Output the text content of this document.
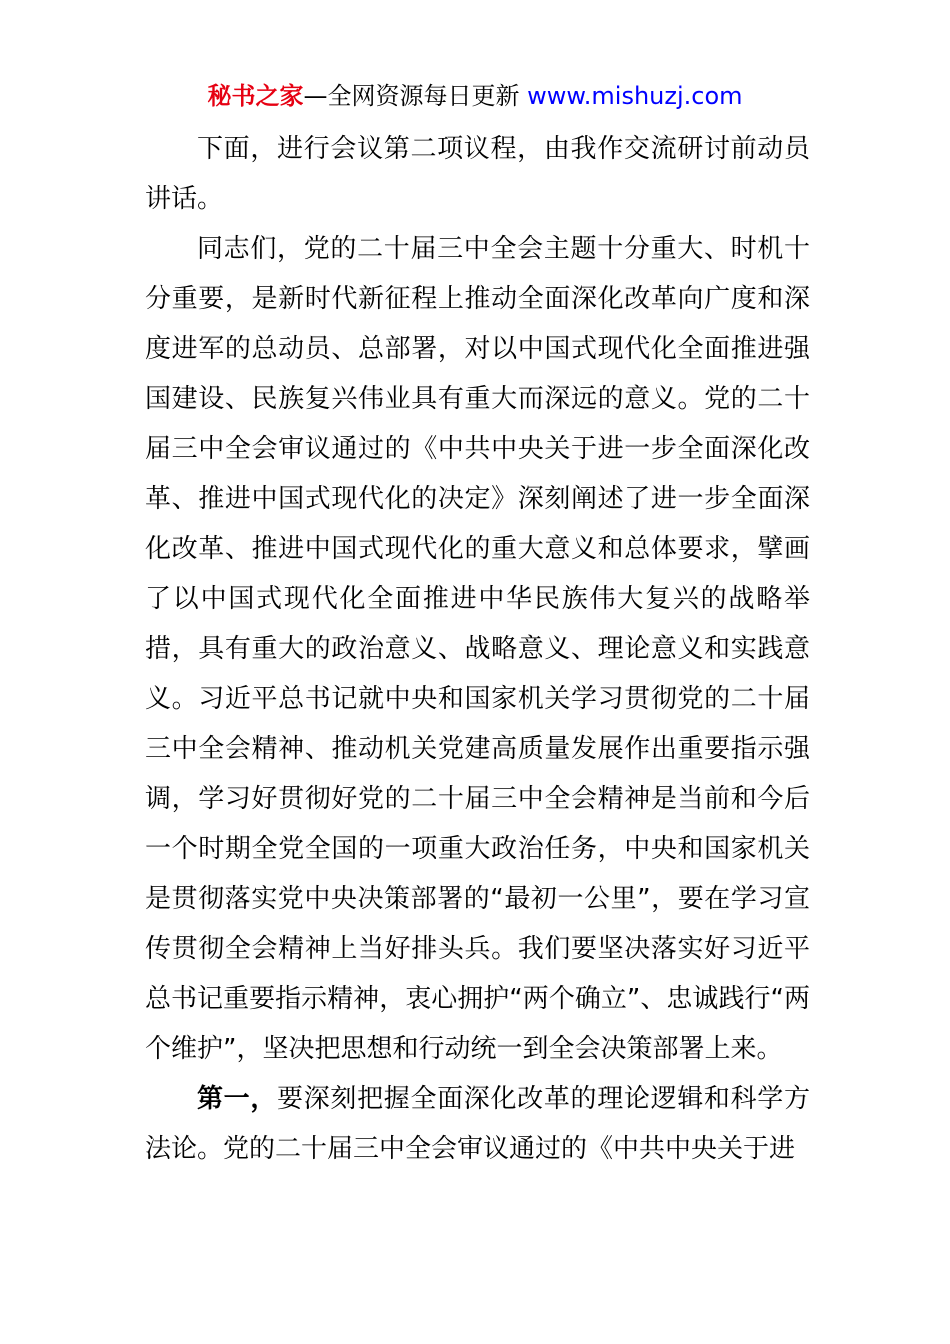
秘书之家—全网资源每日更新 www.mishuzj.com

下面，进行会议第二项议程，由我作交流研讨前动员讲话。

同志们，党的二十届三中全会主题十分重大、时机十分重要，是新时代新征程上推动全面深化改革向广度和深度进军的总动员、总部署，对以中国式现代化全面推进强国建设、民族复兴伟业具有重大而深远的意义。党的二十届三中全会审议通过的《中共中央关于进一步全面深化改革、推进中国式现代化的决定》深刻阐述了进一步全面深化改革、推进中国式现代化的重大意义和总体要求，擘画了以中国式现代化全面推进中华民族伟大复兴的战略举措，具有重大的政治意义、战略意义、理论意义和实践意义。习近平总书记就中央和国家机关学习贯彻党的二十届三中全会精神、推动机关党建高质量发展作出重要指示强调，学习好贯彻好党的二十届三中全会精神是当前和今后一个时期全党全国的一项重大政治任务，中央和国家机关是贯彻落实党中央决策部署的“最初一公里”，要在学习宣传贯彻全会精神上当好排头兵。我们要坚决落实好习近平总书记重要指示精神，衷心拥护“两个确立”、忠诚践行“两个维护”，坚决把思想和行动统一到全会决策部署上来。

第一，要深刻把握全面深化改革的理论逻辑和科学方法论。党的二十届三中全会审议通过的《中共中央关于进
